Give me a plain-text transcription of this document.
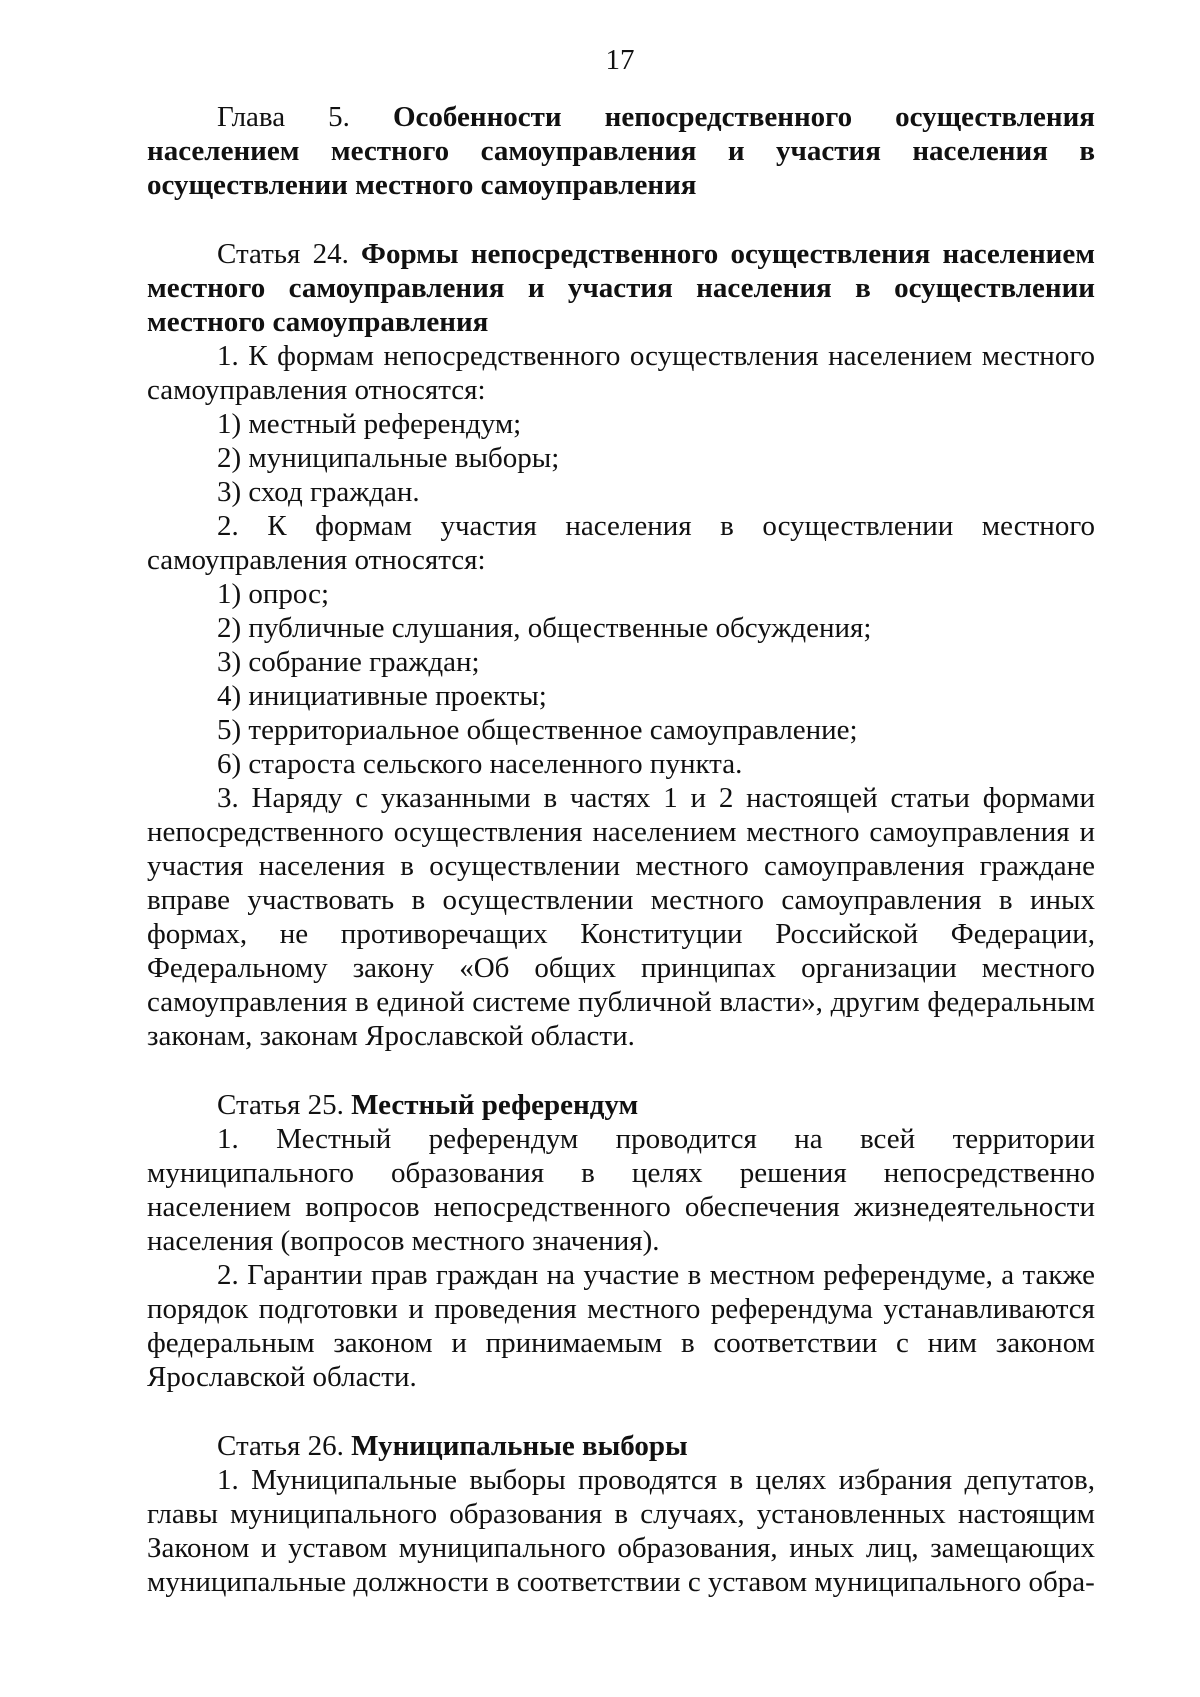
17

Глава 5. Особенности непосредственного осуществления населением местного самоуправления и участия населения в осуществлении местного самоуправления

Статья 24. Формы непосредственного осуществления населением местного самоуправления и участия населения в осуществлении местного самоуправления

1. К формам непосредственного осуществления населением местного самоуправления относятся:

1) местный референдум;

2) муниципальные выборы;

3) сход граждан.

2. К формам участия населения в осуществлении местного самоуправления относятся:

1) опрос;

2) публичные слушания, общественные обсуждения;

3) собрание граждан;

4) инициативные проекты;

5) территориальное общественное самоуправление;

6) староста сельского населенного пункта.

3. Наряду с указанными в частях 1 и 2 настоящей статьи формами непосредственного осуществления населением местного самоуправления и участия населения в осуществлении местного самоуправления граждане вправе участвовать в осуществлении местного самоуправления в иных формах, не противоречащих Конституции Российской Федерации, Федеральному закону «Об общих принципах организации местного самоуправления в единой системе публичной власти», другим федеральным законам, законам Ярославской области.

Статья 25. Местный референдум

1. Местный референдум проводится на всей территории муниципального образования в целях решения непосредственно населением вопросов непосредственного обеспечения жизнедеятельности населения (вопросов местного значения).

2. Гарантии прав граждан на участие в местном референдуме, а также порядок подготовки и проведения местного референдума устанавливаются федеральным законом и принимаемым в соответствии с ним законом Ярославской области.

Статья 26. Муниципальные выборы

1. Муниципальные выборы проводятся в целях избрания депутатов, главы муниципального образования в случаях, установленных настоящим Законом и уставом муниципального образования, иных лиц, замещающих муниципальные должности в соответствии с уставом муниципального обра-
